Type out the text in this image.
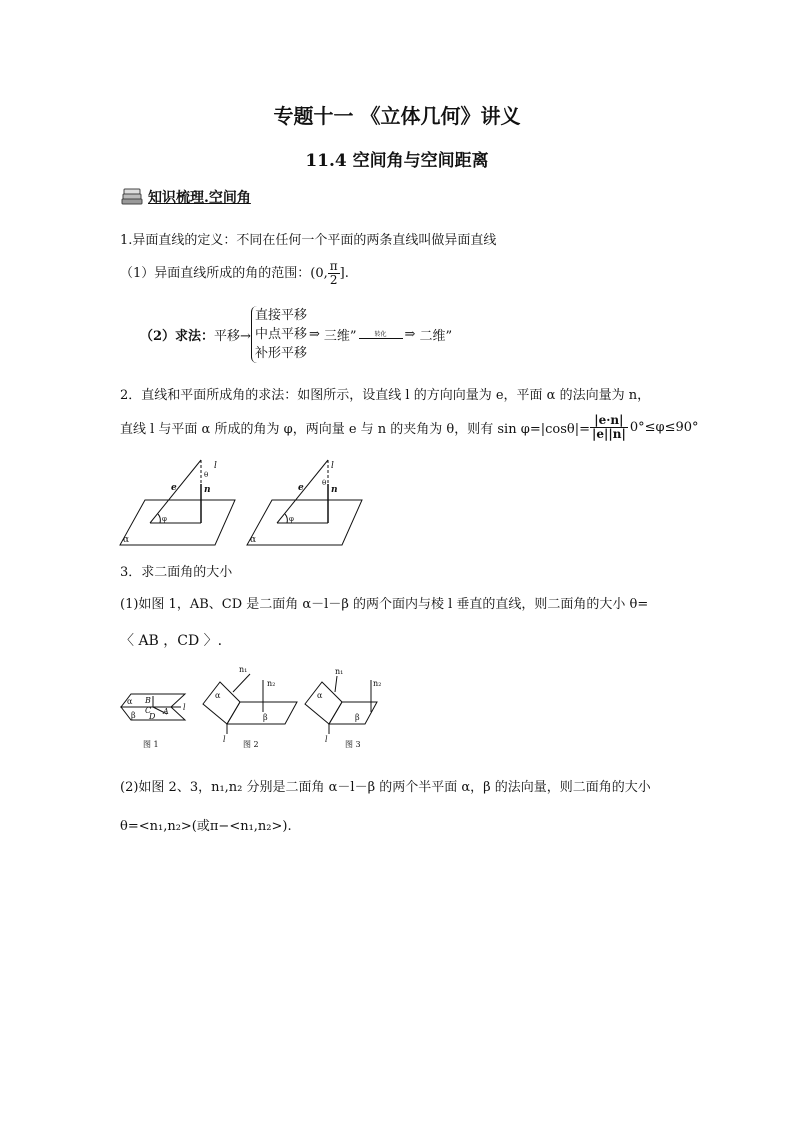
专题十一 《立体几何》讲义
11.4 空间角与空间距离
知识梳理.空间角
1.异面直线的定义：不同在任何一个平面的两条直线叫做异面直线
（1）异面直线所成的角的范围：(0, $\frac{\pi}{2}$ ].
（2）求法： 平移→
直接平移
中点平移
补形平移
⇒ 三维”	转化 ⇒ 二维”
2．直线和平面所成角的求法：如图所示，设直线 l 的方向向量为 e，平面 α 的法向量为 n，
直线 l 与平面 α 所成的角为 φ，两向量 e 与 n 的夹角为 θ，则有 $\sin \varphi=|\cos\theta|= \frac{|e\cdot n|}{|e||n|} 0^\circ\le\varphi\le 90^\circ$
α
e	n
l
θ
φ
α
e	n
l
θ
φ
3．求二面角的大小
(1)如图 1，AB、CD 是二面角 α－l－β 的两个面内与棱 l 垂直的直线，则二面角的大小 θ=
〈 AB ，CD 〉.
α
β
B
C
D
A l
图 1
α
β
n₁
n₂
l
图 2
α
β
n₁
n₂
l
图 3
(2)如图 2、3，n₁,n₂ 分别是二面角 α－l－β 的两个半平面 α，β 的法向量，则二面角的大小
θ=<n₁,n₂>(或π−<n₁,n₂>).
